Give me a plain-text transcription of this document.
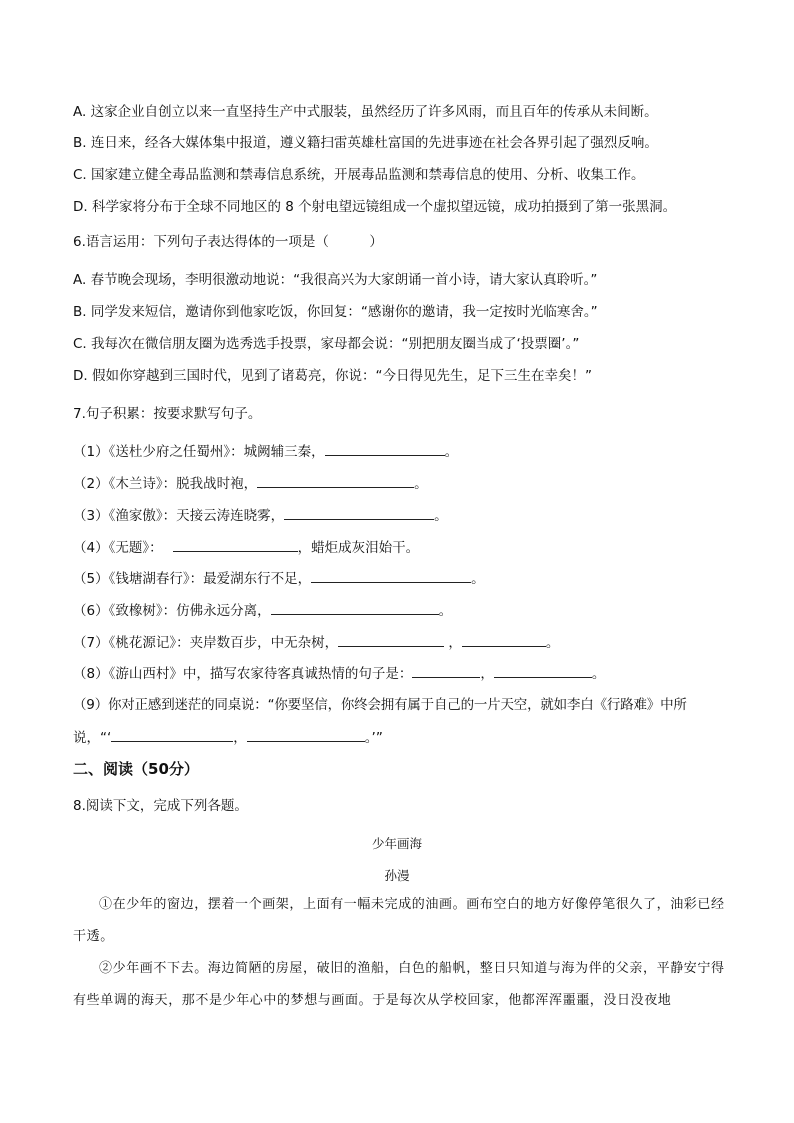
A. 这家企业自创立以来一直坚持生产中式服装，虽然经历了许多风雨，而且百年的传承从未间断。
B. 连日来，经各大媒体集中报道，遵义籍扫雷英雄杜富国的先进事迹在社会各界引起了强烈反响。
C. 国家建立健全毒品监测和禁毒信息系统，开展毒品监测和禁毒信息的使用、分析、收集工作。
D. 科学家将分布于全球不同地区的 8 个射电望远镜组成一个虚拟望远镜，成功拍摄到了第一张黑洞。
6.语言运用：下列句子表达得体的一项是（　　　）
A. 春节晚会现场，李明很激动地说：“我很高兴为大家朗诵一首小诗，请大家认真聆听。”
B. 同学发来短信，邀请你到他家吃饭，你回复：“感谢你的邀请，我一定按时光临寒舍。”
C. 我每次在微信朋友圈为选秀选手投票，家母都会说：“别把朋友圈当成了‘投票圈’。”
D. 假如你穿越到三国时代，见到了诸葛亮，你说：“今日得见先生，足下三生在幸矣！”
7.句子积累：按要求默写句子。
（1）《送杜少府之任蜀州》：城阙辅三秦，	。
（2）《木兰诗》：脱我战时袍，	。
（3）《渔家傲》：天接云涛连晓雾，	。
（4）《无题》：	，蜡炬成灰泪始干。
（5）《钱塘湖春行》：最爱湖东行不足，	。
（6）《致橡树》：仿佛永远分离，	。
（7）《桃花源记》：夹岸数百步，中无杂树，	，	。
（8）《游山西村》中，描写农家待客真诚热情的句子是：	，	。
（9）你对正感到迷茫的同桌说：“你要坚信，你终会拥有属于自己的一片天空，就如李白《行路难》中所
说，“‘	，	。’”
二、阅读（50分）
8.阅读下文，完成下列各题。
少年画海
孙漫
①在少年的窗边，摆着一个画架，上面有一幅未完成的油画。画布空白的地方好像停笔很久了，油彩已经干透。
②少年画不下去。海边简陋的房屋，破旧的渔船，白色的船帆，整日只知道与海为伴的父亲，平静安宁得有些单调的海天，那不是少年心中的梦想与画面。于是每次从学校回家，他都浑浑噩噩，没日没夜地
